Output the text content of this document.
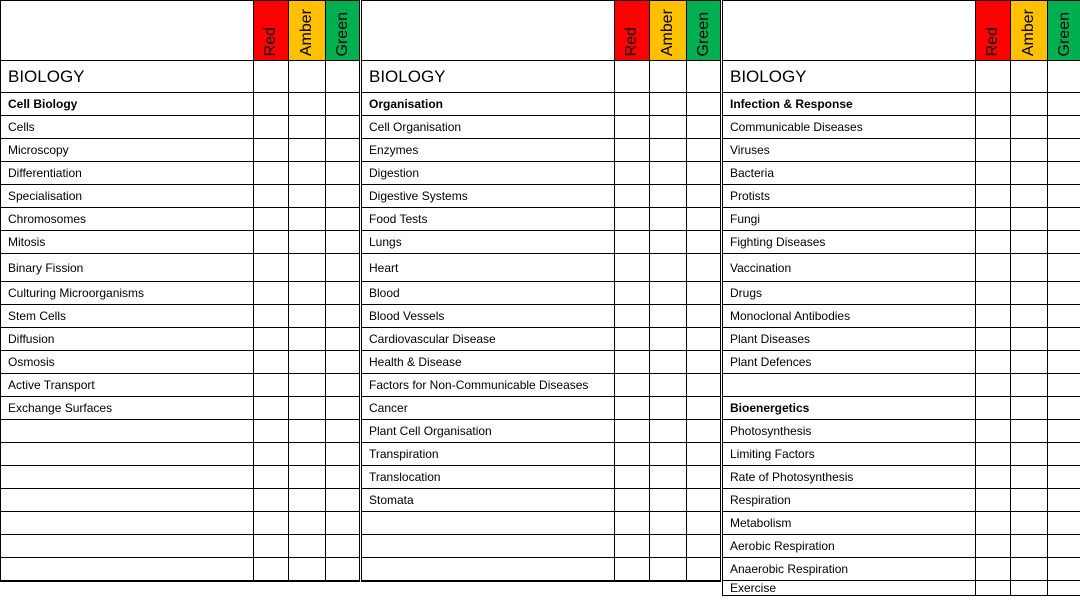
Red Amber Green
BIOLOGY
Cell Biology
Cells
Microscopy
Differentiation
Specialisation
Chromosomes
Mitosis
Binary Fission
Culturing Microorganisms
Stem Cells
Diffusion
Osmosis
Active Transport
Exchange Surfaces
Red Amber Green
BIOLOGY
Organisation
Cell Organisation
Enzymes
Digestion
Digestive Systems
Food Tests
Lungs
Heart
Blood
Blood Vessels
Cardiovascular Disease
Health & Disease
Factors for Non-Communicable Diseases
Cancer
Plant Cell Organisation
Transpiration
Translocation
Stomata
Red Amber Green
BIOLOGY
Infection & Response
Communicable Diseases
Viruses
Bacteria
Protists
Fungi
Fighting Diseases
Vaccination
Drugs
Monoclonal Antibodies
Plant Diseases
Plant Defences
Bioenergetics
Photosynthesis
Limiting Factors
Rate of Photosynthesis
Respiration
Metabolism
Aerobic Respiration
Anaerobic Respiration
Exercise
